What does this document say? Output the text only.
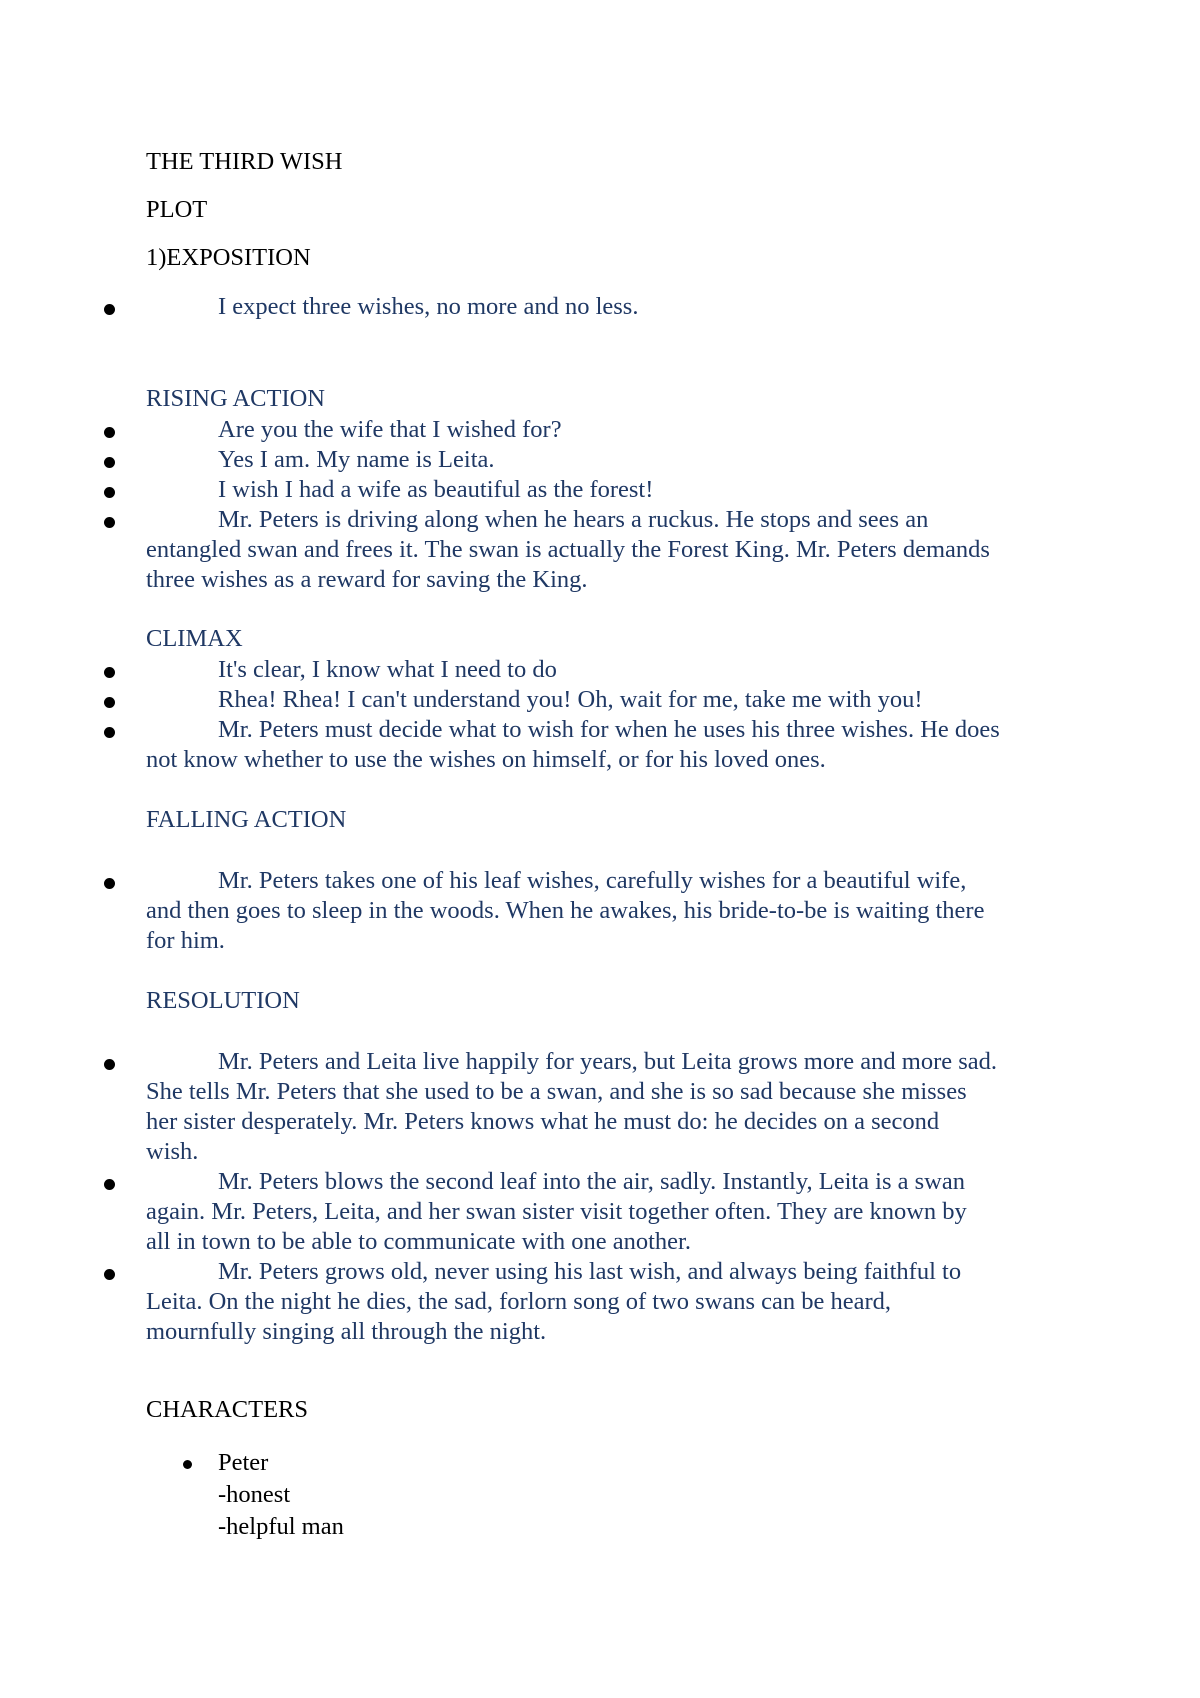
THE THIRD WISH
PLOT
1)EXPOSITION
I expect three wishes, no more and no less.
RISING ACTION
Are you the wife that I wished for?
Yes I am. My name is Leita.
I wish I had a wife as beautiful as the forest!
Mr. Peters is driving along when he hears a ruckus. He stops and sees an
entangled swan and frees it. The swan is actually the Forest King. Mr. Peters demands
three wishes as a reward for saving the King.
CLIMAX
It's clear, I know what I need to do
Rhea! Rhea! I can't understand you! Oh, wait for me, take me with you!
Mr. Peters must decide what to wish for when he uses his three wishes. He does
not know whether to use the wishes on himself, or for his loved ones.
FALLING ACTION
Mr. Peters takes one of his leaf wishes, carefully wishes for a beautiful wife,
and then goes to sleep in the woods. When he awakes, his bride-to-be is waiting there
for him.
RESOLUTION
Mr. Peters and Leita live happily for years, but Leita grows more and more sad.
She tells Mr. Peters that she used to be a swan, and she is so sad because she misses
her sister desperately. Mr. Peters knows what he must do: he decides on a second
wish.
Mr. Peters blows the second leaf into the air, sadly. Instantly, Leita is a swan
again. Mr. Peters, Leita, and her swan sister visit together often. They are known by
all in town to be able to communicate with one another.
Mr. Peters grows old, never using his last wish, and always being faithful to
Leita. On the night he dies, the sad, forlorn song of two swans can be heard,
mournfully singing all through the night.
CHARACTERS
Peter
-honest
-helpful man
